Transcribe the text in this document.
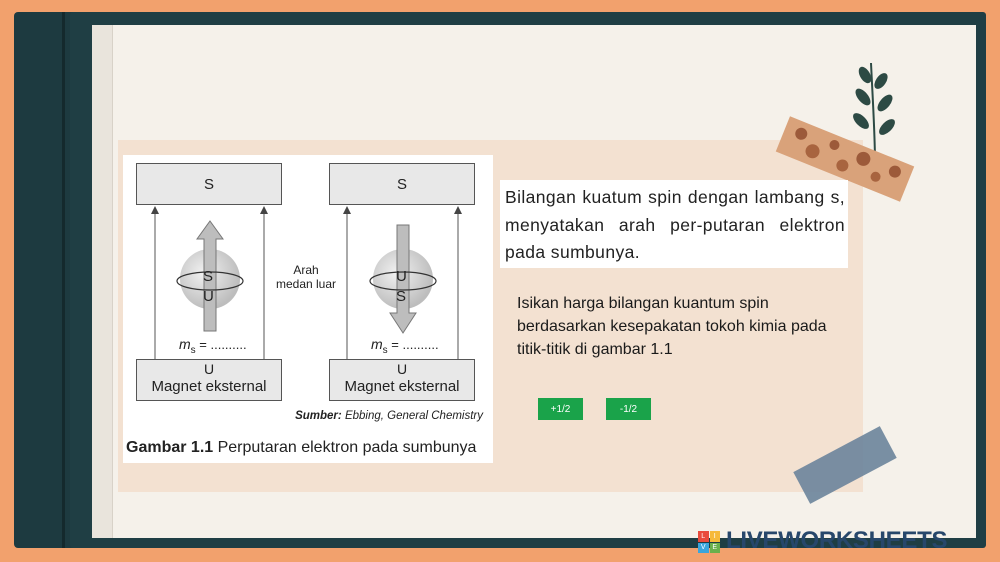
S	S
S
U
U
S
Arah
medan luar
$m_s$ = ..........	$m_s$ = ..........
U
Magnet eksternal
U
Magnet eksternal
Sumber: Ebbing, General Chemistry
Gambar 1.1 Perputaran elektron pada sumbunya
Bilangan kuatum spin dengan lambang s, menyatakan arah per-putaran elektron pada sumbunya.
Isikan harga bilangan kuantum spin berdasarkan kesepakatan tokoh kimia pada titik-titik di gambar 1.1
+1/2	-1/2
L	I
V E LIVEWORKSHEETS
